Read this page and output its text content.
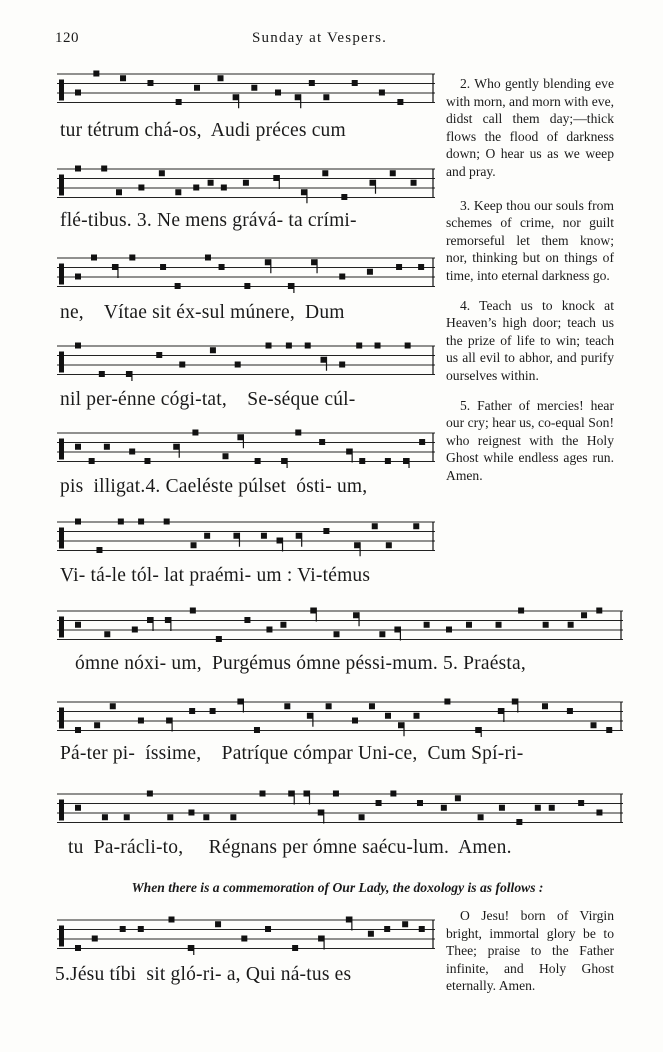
120	Sunday at Vespers.
tur tétrum chá-os,  Audi préces cum
flé-tibus. 3. Ne mens grává- ta crími-
ne,    Vítae sit éx-sul múnere,  Dum
nil per-énne cógi-tat,    Se-séque cúl-
pis  illigat.4. Caeléste púlset  ósti- um,
Vi- tá-le tól- lat praémi- um : Vi-témus
ómne nóxi- um,  Purgémus ómne péssi-mum. 5. Praésta,
Pá-ter pi-  íssime,    Patríque cómpar Uni-ce,  Cum Spí-ri-
tu  Pa-rácli-to,     Régnans per ómne saécu-lum.  Amen.
When there is a commemoration of Our Lady, the doxology is as follows :
5.Jésu tíbi  sit gló-ri- a, Qui ná-tus es

2. Who gently blending eve with morn, and morn with eve, didst call them day;—thick flows the flood of darkness down; O hear us as we weep and pray.

3. Keep thou our souls from schemes of crime, nor guilt remorseful let them know; nor, thinking but on things of time, into eternal darkness go.

4. Teach us to knock at Heaven’s high door; teach us the prize of life to win; teach us all evil to abhor, and purify ourselves within.

5. Father of mercies! hear our cry; hear us, co-equal Son! who reignest with the Holy Ghost while endless ages run. Amen.

O Jesu! born of Virgin bright, immortal glory be to Thee; praise to the Father infinite, and Holy Ghost eternally. Amen.
